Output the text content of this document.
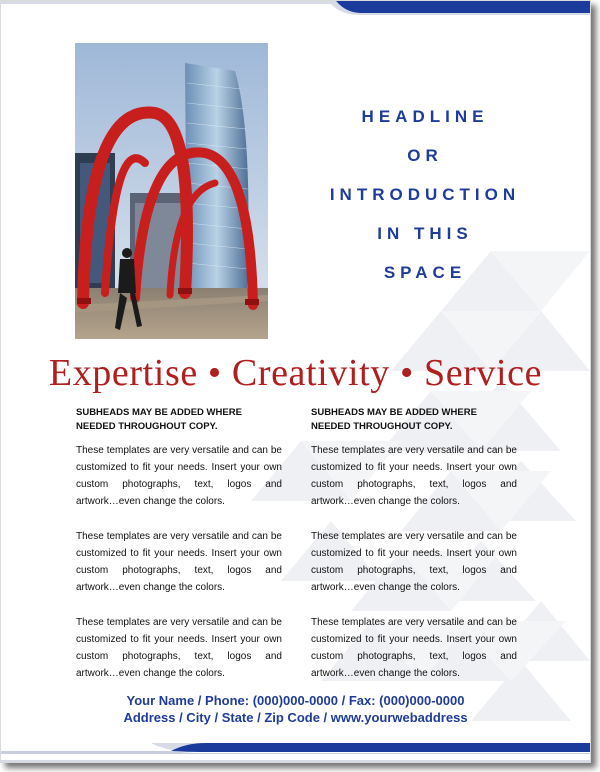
HEADLINE
OR
INTRODUCTION
IN THIS
SPACE
Expertise • Creativity • Service
SUBHEADS MAY BE ADDED WHERE
NEEDED THROUGHOUT COPY.
These templates are very versatile and can be customized to fit your needs. Insert your own custom photographs, text, logos and artwork…even change the colors.
These templates are very versatile and can be customized to fit your needs. Insert your own custom photographs, text, logos and artwork…even change the colors.
These templates are very versatile and can be customized to fit your needs. Insert your own custom photographs, text, logos and artwork…even change the colors.
SUBHEADS MAY BE ADDED WHERE
NEEDED THROUGHOUT COPY.
These templates are very versatile and can be customized to fit your needs. Insert your own custom photographs, text, logos and artwork…even change the colors.
These templates are very versatile and can be customized to fit your needs. Insert your own custom photographs, text, logos and artwork…even change the colors.
These templates are very versatile and can be customized to fit your needs. Insert your own custom photographs, text, logos and artwork…even change the colors.
Your Name / Phone: (000)000-0000 / Fax: (000)000-0000
Address / City / State / Zip Code / www.yourwebaddress
